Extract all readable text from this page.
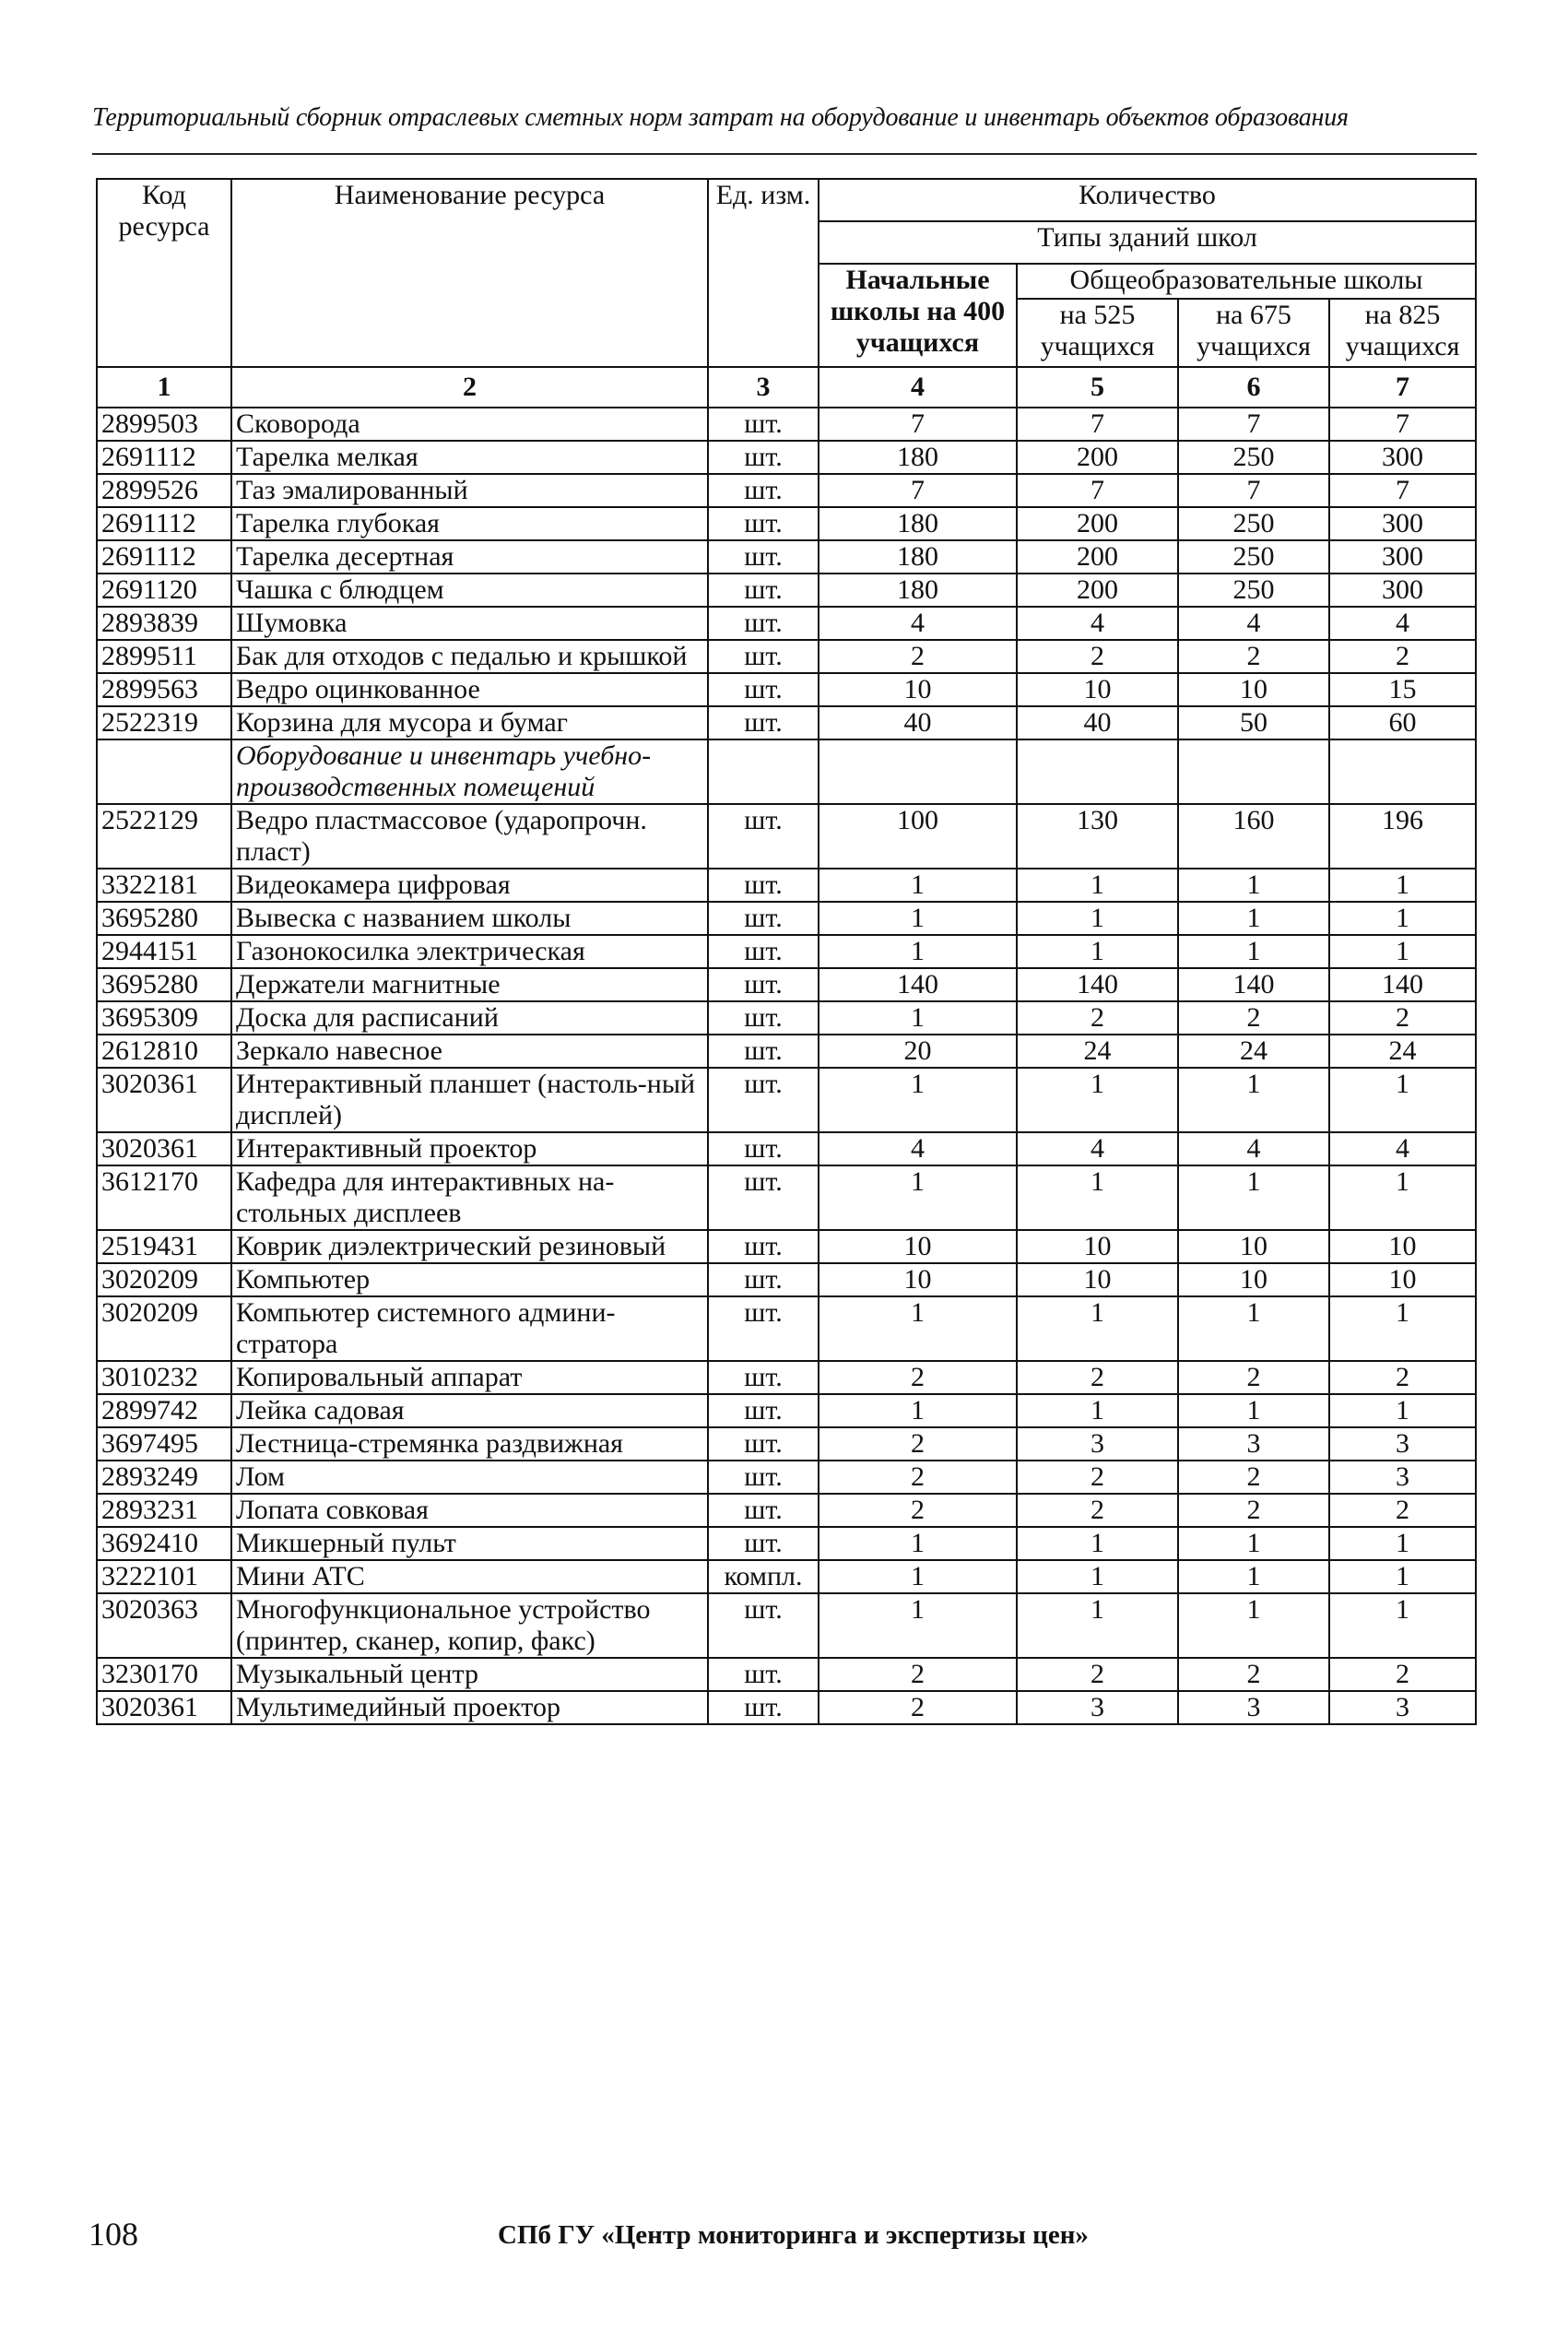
Территориальный сборник отраслевых сметных норм затрат на оборудование и инвентарь объектов образования
Код ресурса	Наименование ресурса	Ед. изм.	Количество			
			Типы зданий школ			
			Начальные школы на 400 учащихся	Общеобразовательные школы		
				на 525 учащихся	на 675 учащихся	на 825 учащихся
1	2	3	4	5	6	7
2899503	Сковорода	шт.	7	7	7	7
2691112	Тарелка мелкая	шт.	180	200	250	300
2899526	Таз эмалированный	шт.	7	7	7	7
2691112	Тарелка глубокая	шт.	180	200	250	300
2691112	Тарелка десертная	шт.	180	200	250	300
2691120	Чашка с блюдцем	шт.	180	200	250	300
2893839	Шумовка	шт.	4	4	4	4
2899511	Бак для отходов с педалью и крышкой	шт.	2	2	2	2
2899563	Ведро оцинкованное	шт.	10	10	10	15
2522319	Корзина для мусора и бумаг	шт.	40	40	50	60
	Оборудование и инвентарь учебно-производственных помещений					
2522129	Ведро пластмассовое (ударопрочн. пласт)	шт.	100	130	160	196
3322181	Видеокамера цифровая	шт.	1	1	1	1
3695280	Вывеска с названием школы	шт.	1	1	1	1
2944151	Газонокосилка электрическая	шт.	1	1	1	1
3695280	Держатели магнитные	шт.	140	140	140	140
3695309	Доска для расписаний	шт.	1	2	2	2
2612810	Зеркало навесное	шт.	20	24	24	24
3020361	Интерактивный планшет (настоль-ный дисплей)	шт.	1	1	1	1
3020361	Интерактивный проектор	шт.	4	4	4	4
3612170	Кафедра для интерактивных на-стольных дисплеев	шт.	1	1	1	1
2519431	Коврик диэлектрический резиновый	шт.	10	10	10	10
3020209	Компьютер	шт.	10	10	10	10
3020209	Компьютер системного админи-стратора	шт.	1	1	1	1
3010232	Копировальный аппарат	шт.	2	2	2	2
2899742	Лейка садовая	шт.	1	1	1	1
3697495	Лестница-стремянка раздвижная	шт.	2	3	3	3
2893249	Лом	шт.	2	2	2	3
2893231	Лопата совковая	шт.	2	2	2	2
3692410	Микшерный пульт	шт.	1	1	1	1
3222101	Мини АТС	компл.	1	1	1	1
3020363	Многофункциональное устройство (принтер, сканер, копир, факс)	шт.	1	1	1	1
3230170	Музыкальный центр	шт.	2	2	2	2
3020361	Мультимедийный проектор	шт.	2	3	3	3
108	СПб ГУ «Центр мониторинга и экспертизы цен»
